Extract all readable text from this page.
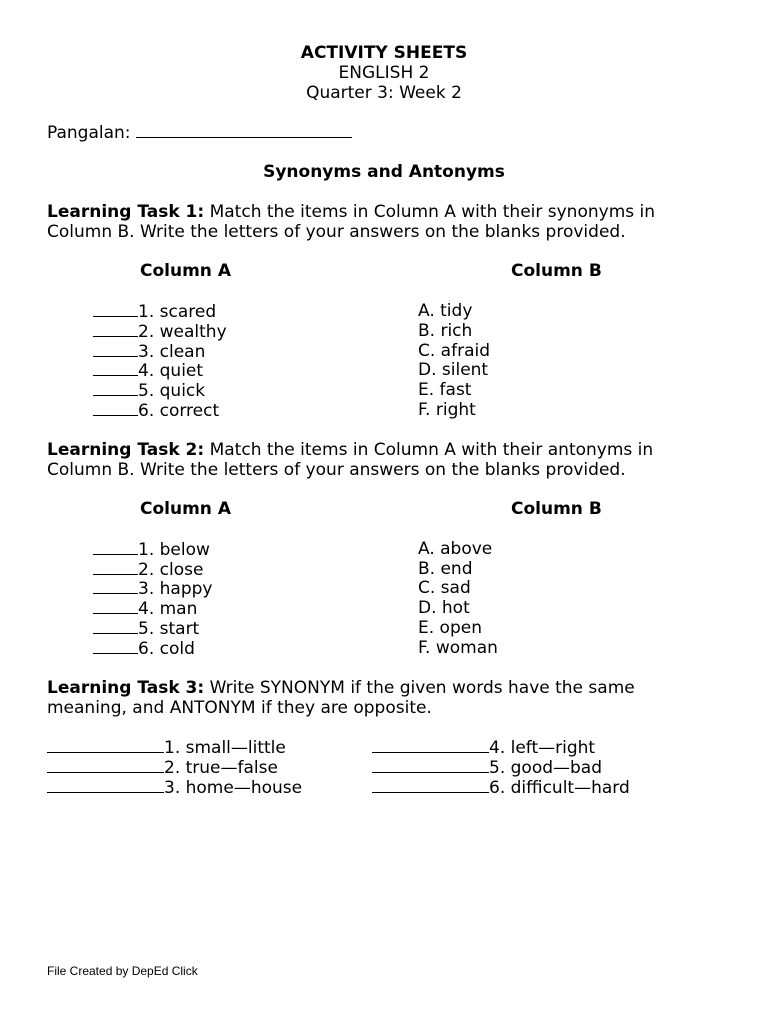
ACTIVITY SHEETS
ENGLISH 2
Quarter 3: Week 2
Pangalan:
Synonyms and Antonyms
Learning Task 1: Match the items in Column A with their synonyms in
Column B. Write the letters of your answers on the blanks provided.
Column A	Column B
1. scared
2. wealthy
3. clean
4. quiet
5. quick
6. correct
A. tidy
B. rich
C. afraid
D. silent
E. fast
F. right
Learning Task 2: Match the items in Column A with their antonyms in
Column B. Write the letters of your answers on the blanks provided.
Column A	Column B
1. below
2. close
3. happy
4. man
5. start
6. cold
A. above
B. end
C. sad
D. hot
E. open
F. woman
Learning Task 3: Write SYNONYM if the given words have the same
meaning, and ANTONYM if they are opposite.
1. small—little
2. true—false
3. home—house
4. left—right
5. good—bad
6. difficult—hard
File Created by DepEd Click
